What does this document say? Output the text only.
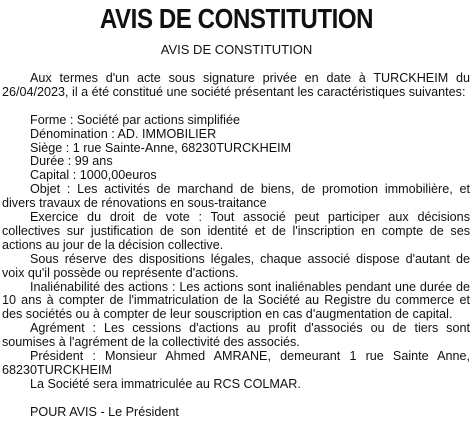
AVIS DE CONSTITUTION
AVIS DE CONSTITUTION

Aux termes d'un acte sous signature privée en date à TURCKHEIM du 26/04/2023, il a été constitué une société présentant les caractéristiques suivantes:

Forme : Société par actions simplifiée
Dénomination : AD. IMMOBILIER
Siège : 1 rue Sainte-Anne, 68230TURCKHEIM
Durée : 99 ans
Capital : 1000,00euros

Objet : Les activités de marchand de biens, de promotion immobilière, et divers travaux de rénovations en sous-traitance

Exercice du droit de vote : Tout associé peut participer aux décisions collectives sur justification de son identité et de l'inscription en compte de ses actions au jour de la décision collective.

Sous réserve des dispositions légales, chaque associé dispose d'autant de voix qu'il possède ou représente d'actions.

Inaliénabilité des actions : Les actions sont inaliénables pendant une durée de 10 ans à compter de l'immatriculation de la Société au Registre du commerce et des sociétés ou à compter de leur souscription en cas d'augmentation de capital.

Agrément : Les cessions d'actions au profit d'associés ou de tiers sont soumises à l'agrément de la collectivité des associés.

Président : Monsieur Ahmed AMRANE, demeurant 1 rue Sainte Anne, 68230TURCKHEIM

La Société sera immatriculée au RCS COLMAR.

POUR AVIS - Le Président
